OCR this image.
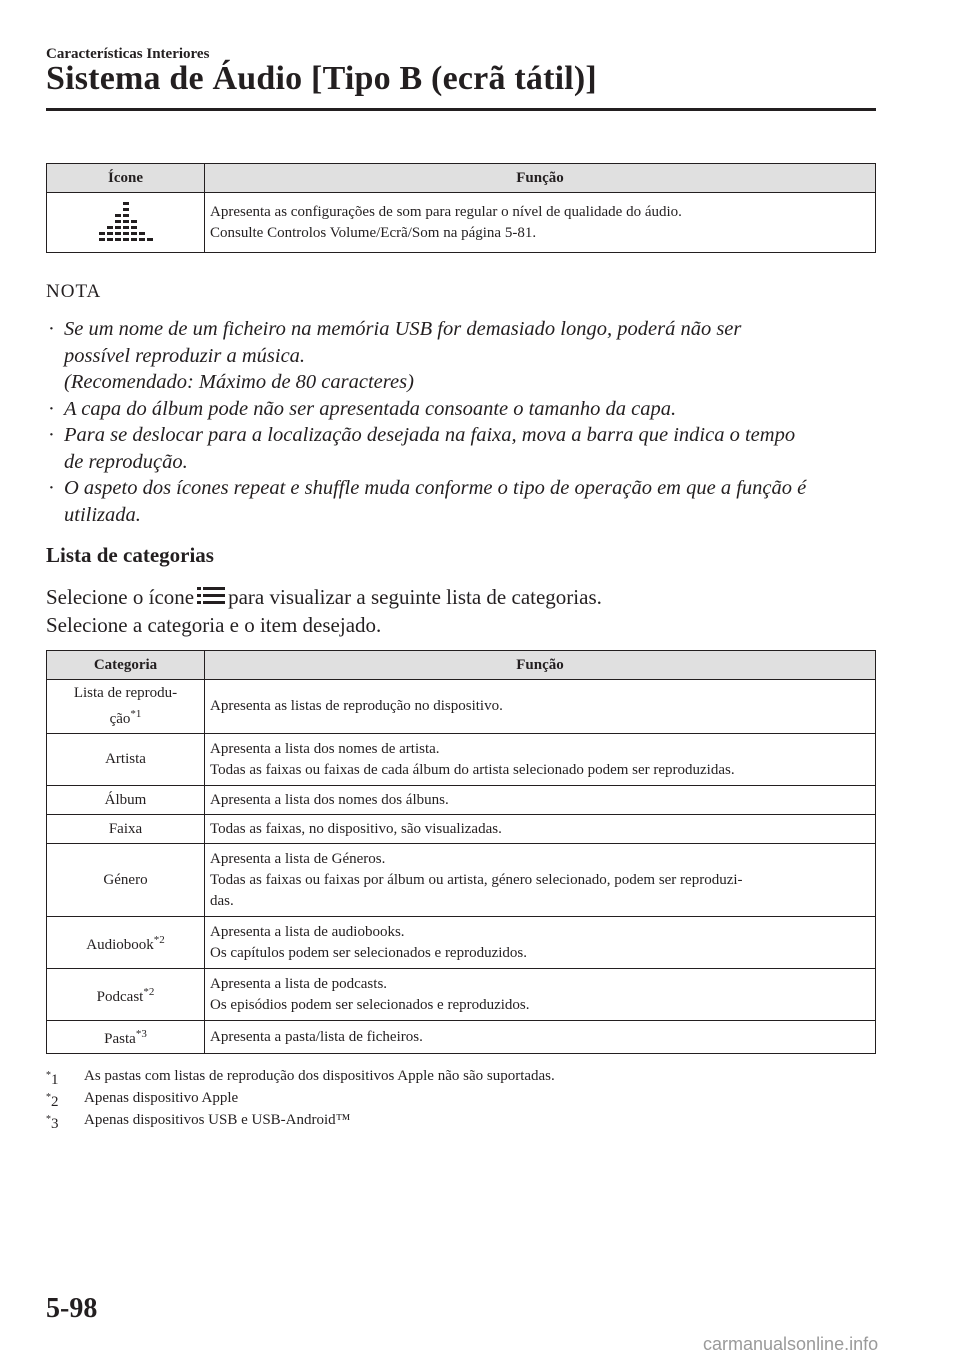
Características Interiores
Sistema de Áudio [Tipo B (ecrã tátil)]
Ícone	Função

Apresenta as configurações de som para regular o nível de qualidade do áudio.
Consulte Controlos Volume/Ecrã/Som na página 5-81.
NOTA
· Se um nome de um ficheiro na memória USB for demasiado longo, poderá não ser
possível reproduzir a música.
(Recomendado: Máximo de 80 caracteres)
· A capa do álbum pode não ser apresentada consoante o tamanho da capa.
· Para se deslocar para a localização desejada na faixa, mova a barra que indica o tempo
de reprodução.
· O aspeto dos ícones repeat e shuffle muda conforme o tipo de operação em que a função é
utilizada.
Lista de categorias
Selecione o ícone para visualizar a seguinte lista de categorias.
Selecione a categoria e o item desejado.
Categoria	Função

Lista de reprodu-
ção$^{*1}$	Apresenta as listas de reprodução no dispositivo.

Artista	Apresenta a lista dos nomes de artista.
Todas as faixas ou faixas de cada álbum do artista selecionado podem ser reproduzidas.

Álbum	Apresenta a lista dos nomes dos álbuns.

Faixa	Todas as faixas, no dispositivo, são visualizadas.

Género	Apresenta a lista de Géneros.
Todas as faixas ou faixas por álbum ou artista, género selecionado, podem ser reproduzi-
das.

Audiobook$^{*2}$	Apresenta a lista de audiobooks.
Os capítulos podem ser selecionados e reproduzidos.

Podcast$^{*2}$	Apresenta a lista de podcasts.
Os episódios podem ser selecionados e reproduzidos.

Pasta$^{*3}$	Apresenta a pasta/lista de ficheiros.
*1 As pastas com listas de reprodução dos dispositivos Apple não são suportadas.
*2 Apenas dispositivo Apple
*3 Apenas dispositivos USB e USB-Android™
5-98
carmanualsonline.info
